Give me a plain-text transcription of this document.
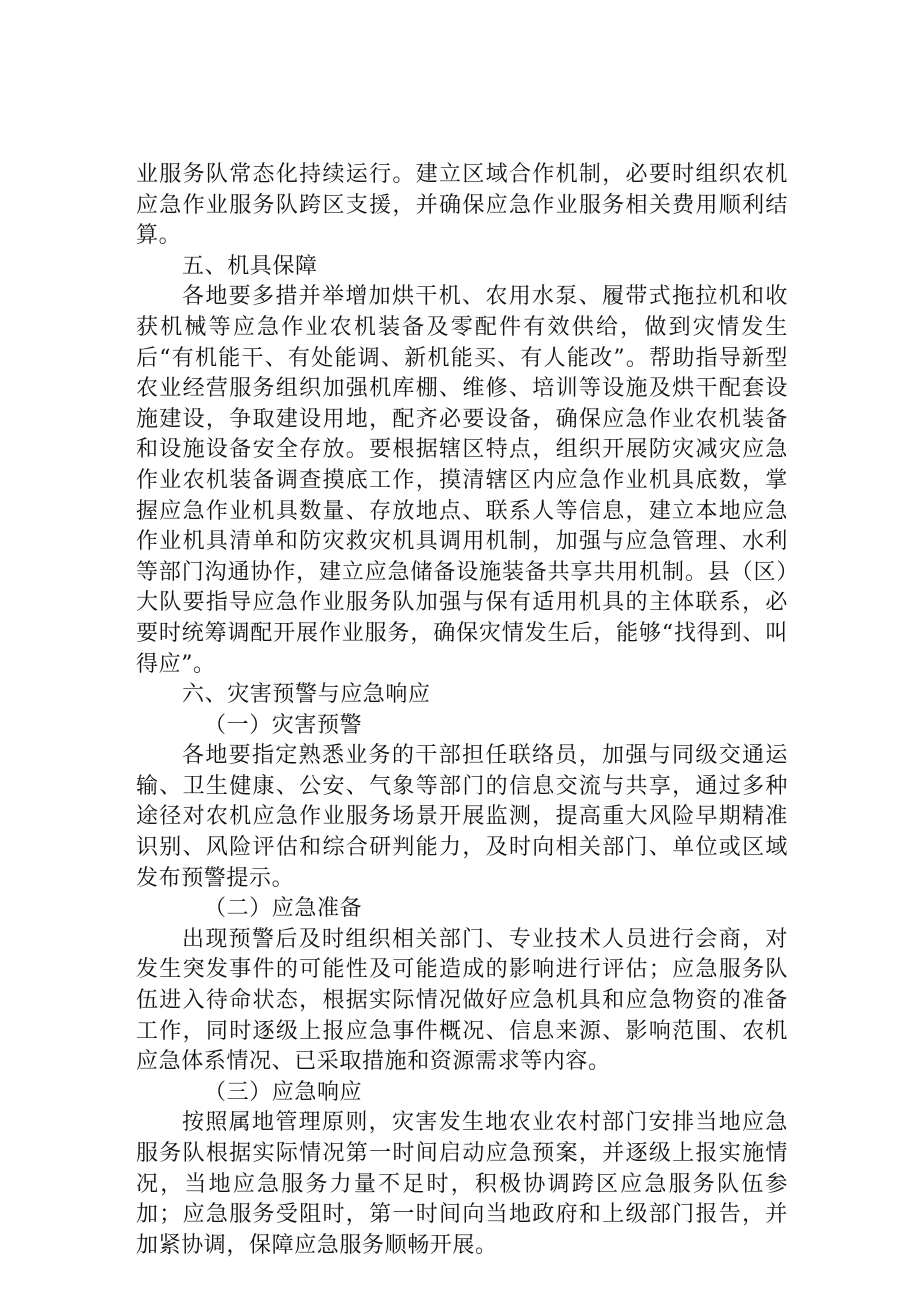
业服务队常态化持续运行。建立区域合作机制，必要时组织农机应急作业服务队跨区支援，并确保应急作业服务相关费用顺利结算。

五、机具保障

各地要多措并举增加烘干机、农用水泵、履带式拖拉机和收获机械等应急作业农机装备及零配件有效供给，做到灾情发生后“有机能干、有处能调、新机能买、有人能改”。帮助指导新型农业经营服务组织加强机库棚、维修、培训等设施及烘干配套设施建设，争取建设用地，配齐必要设备，确保应急作业农机装备和设施设备安全存放。要根据辖区特点，组织开展防灾减灾应急作业农机装备调查摸底工作，摸清辖区内应急作业机具底数，掌握应急作业机具数量、存放地点、联系人等信息，建立本地应急作业机具清单和防灾救灾机具调用机制，加强与应急管理、水利等部门沟通协作，建立应急储备设施装备共享共用机制。县（区）大队要指导应急作业服务队加强与保有适用机具的主体联系，必要时统筹调配开展作业服务，确保灾情发生后，能够“找得到、叫得应”。

六、灾害预警与应急响应

（一）灾害预警

各地要指定熟悉业务的干部担任联络员，加强与同级交通运输、卫生健康、公安、气象等部门的信息交流与共享，通过多种途径对农机应急作业服务场景开展监测，提高重大风险早期精准识别、风险评估和综合研判能力，及时向相关部门、单位或区域发布预警提示。

（二）应急准备

出现预警后及时组织相关部门、专业技术人员进行会商，对发生突发事件的可能性及可能造成的影响进行评估；应急服务队伍进入待命状态，根据实际情况做好应急机具和应急物资的准备工作，同时逐级上报应急事件概况、信息来源、影响范围、农机应急体系情况、已采取措施和资源需求等内容。

（三）应急响应

按照属地管理原则，灾害发生地农业农村部门安排当地应急服务队根据实际情况第一时间启动应急预案，并逐级上报实施情况，当地应急服务力量不足时，积极协调跨区应急服务队伍参加；应急服务受阻时，第一时间向当地政府和上级部门报告，并加紧协调，保障应急服务顺畅开展。
